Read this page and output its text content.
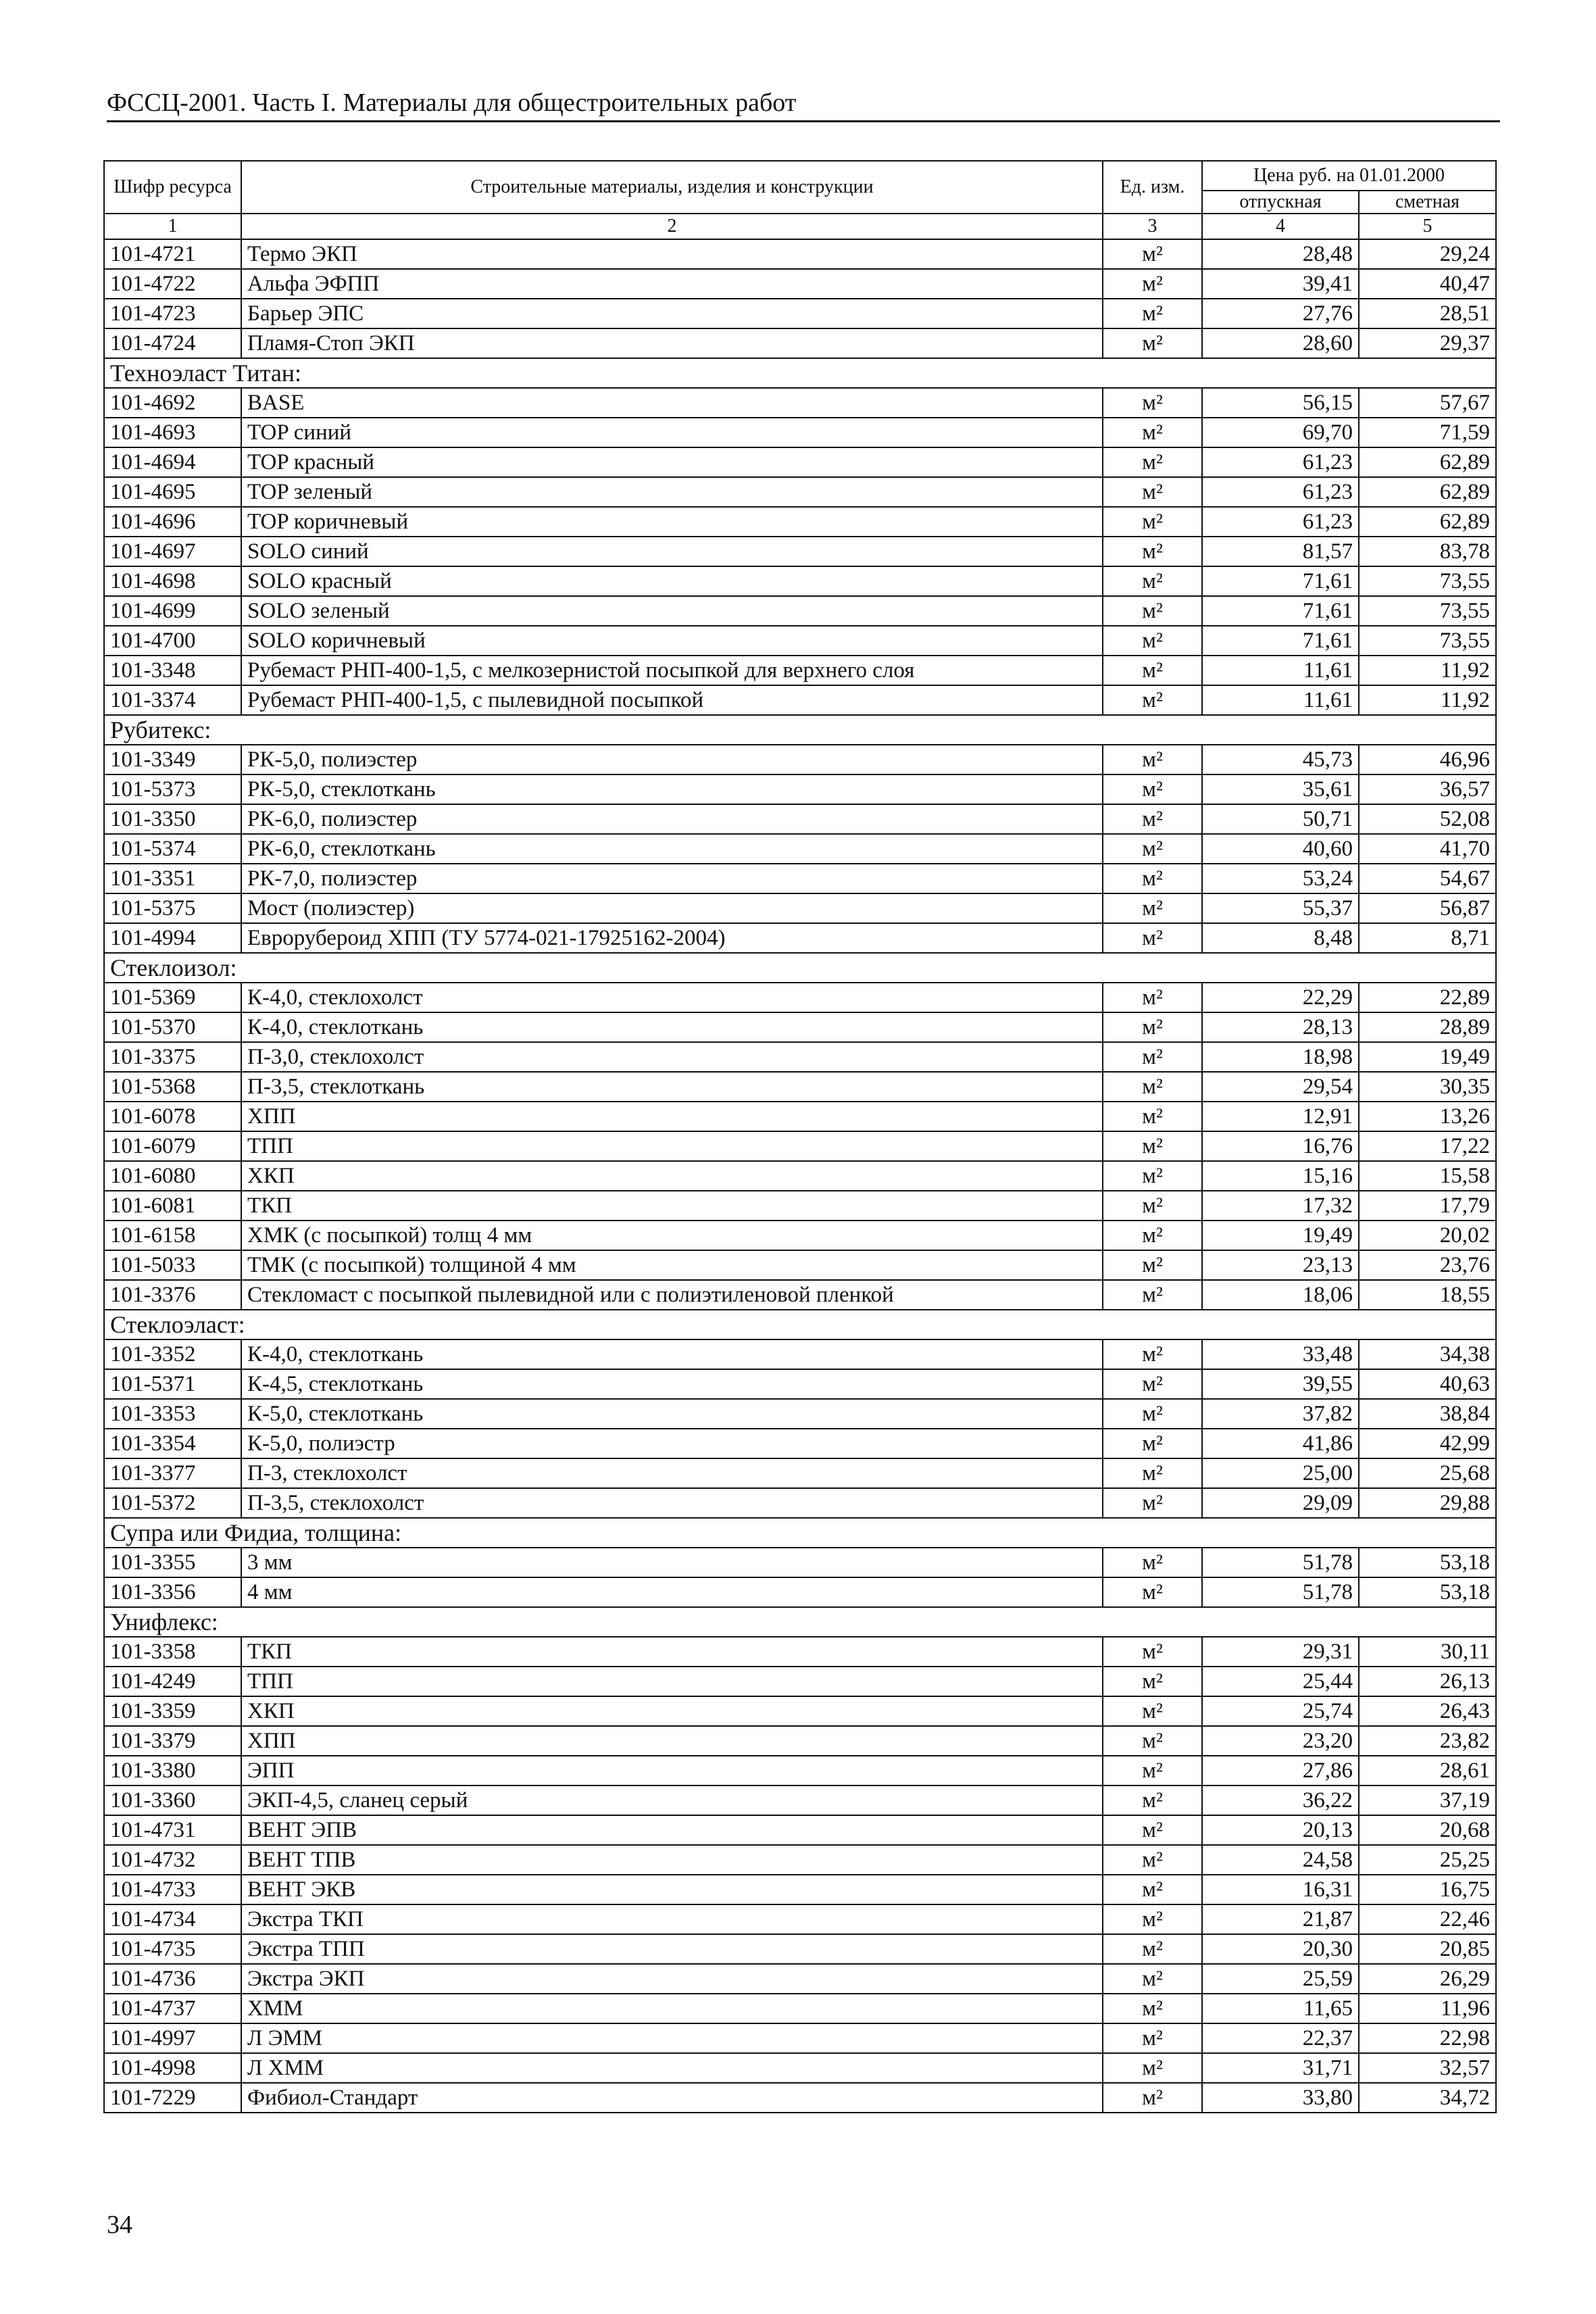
ФССЦ-2001. Часть I. Материалы для общестроительных работ
Шифр ресурса	Строительные материалы, изделия и конструкции	Ед. изм.	Цена руб. на 01.01.2000	
			отпускная	сметная
1	2	3	4	5
101-4721	Термо ЭКП	м²	28,48	29,24
101-4722	Альфа ЭФПП	м²	39,41	40,47
101-4723	Барьер ЭПС	м²	27,76	28,51
101-4724	Пламя-Стоп ЭКП	м²	28,60	29,37
Техноэласт Титан:				
101-4692	BASE	м²	56,15	57,67
101-4693	TOP синий	м²	69,70	71,59
101-4694	TOP красный	м²	61,23	62,89
101-4695	TOP зеленый	м²	61,23	62,89
101-4696	TOP коричневый	м²	61,23	62,89
101-4697	SOLO синий	м²	81,57	83,78
101-4698	SOLO красный	м²	71,61	73,55
101-4699	SOLO зеленый	м²	71,61	73,55
101-4700	SOLO коричневый	м²	71,61	73,55
101-3348	Рубемаст РНП-400-1,5, с мелкозернистой посыпкой для верхнего слоя	м²	11,61	11,92
101-3374	Рубемаст РНП-400-1,5, с пылевидной посыпкой	м²	11,61	11,92
Рубитекс:				
101-3349	РК-5,0, полиэстер	м²	45,73	46,96
101-5373	РК-5,0, стеклоткань	м²	35,61	36,57
101-3350	РК-6,0, полиэстер	м²	50,71	52,08
101-5374	РК-6,0, стеклоткань	м²	40,60	41,70
101-3351	РК-7,0, полиэстер	м²	53,24	54,67
101-5375	Мост (полиэстер)	м²	55,37	56,87
101-4994	Еврорубероид ХПП (ТУ 5774-021-17925162-2004)	м²	8,48	8,71
Стеклоизол:				
101-5369	К-4,0, стеклохолст	м²	22,29	22,89
101-5370	К-4,0, стеклоткань	м²	28,13	28,89
101-3375	П-3,0, стеклохолст	м²	18,98	19,49
101-5368	П-3,5, стеклоткань	м²	29,54	30,35
101-6078	ХПП	м²	12,91	13,26
101-6079	ТПП	м²	16,76	17,22
101-6080	ХКП	м²	15,16	15,58
101-6081	ТКП	м²	17,32	17,79
101-6158	ХМК (с посыпкой) толщ 4 мм	м²	19,49	20,02
101-5033	ТМК (с посыпкой) толщиной 4 мм	м²	23,13	23,76
101-3376	Стекломаст с посыпкой пылевидной или с полиэтиленовой пленкой	м²	18,06	18,55
Стеклоэласт:				
101-3352	К-4,0, стеклоткань	м²	33,48	34,38
101-5371	К-4,5, стеклоткань	м²	39,55	40,63
101-3353	К-5,0, стеклоткань	м²	37,82	38,84
101-3354	К-5,0, полиэстр	м²	41,86	42,99
101-3377	П-3, стеклохолст	м²	25,00	25,68
101-5372	П-3,5, стеклохолст	м²	29,09	29,88
Супра или Фидиа, толщина:				
101-3355	3 мм	м²	51,78	53,18
101-3356	4 мм	м²	51,78	53,18
Унифлекс:				
101-3358	ТКП	м²	29,31	30,11
101-4249	ТПП	м²	25,44	26,13
101-3359	ХКП	м²	25,74	26,43
101-3379	ХПП	м²	23,20	23,82
101-3380	ЭПП	м²	27,86	28,61
101-3360	ЭКП-4,5, сланец серый	м²	36,22	37,19
101-4731	ВЕНТ ЭПВ	м²	20,13	20,68
101-4732	ВЕНТ ТПВ	м²	24,58	25,25
101-4733	ВЕНТ ЭКВ	м²	16,31	16,75
101-4734	Экстра ТКП	м²	21,87	22,46
101-4735	Экстра ТПП	м²	20,30	20,85
101-4736	Экстра ЭКП	м²	25,59	26,29
101-4737	ХММ	м²	11,65	11,96
101-4997	Л ЭММ	м²	22,37	22,98
101-4998	Л ХММ	м²	31,71	32,57
101-7229	Фибиол-Стандарт	м²	33,80	34,72
34
